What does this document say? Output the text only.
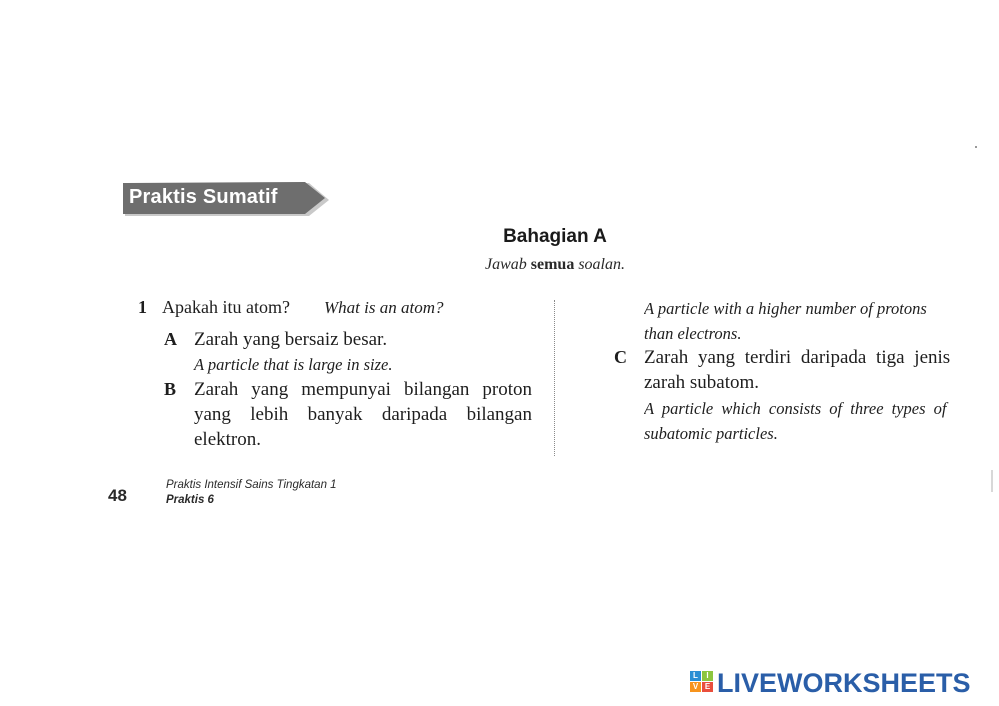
Praktis Sumatif
Bahagian A
Jawab semua soalan.
1 Apakah itu atom? What is an atom?
A Zarah yang bersaiz besar.
A particle that is large in size.
B Zarah yang mempunyai bilangan proton yang lebih banyak daripada bilangan elektron.
A particle with a higher number of protons
than electrons.
C Zarah yang terdiri daripada tiga jenis
zarah subatom.
A particle which consists of three types of
subatomic particles.
48
Praktis Intensif Sains Tingkatan 1
Praktis 6
L	I
V E LIVEWORKSHEETS
